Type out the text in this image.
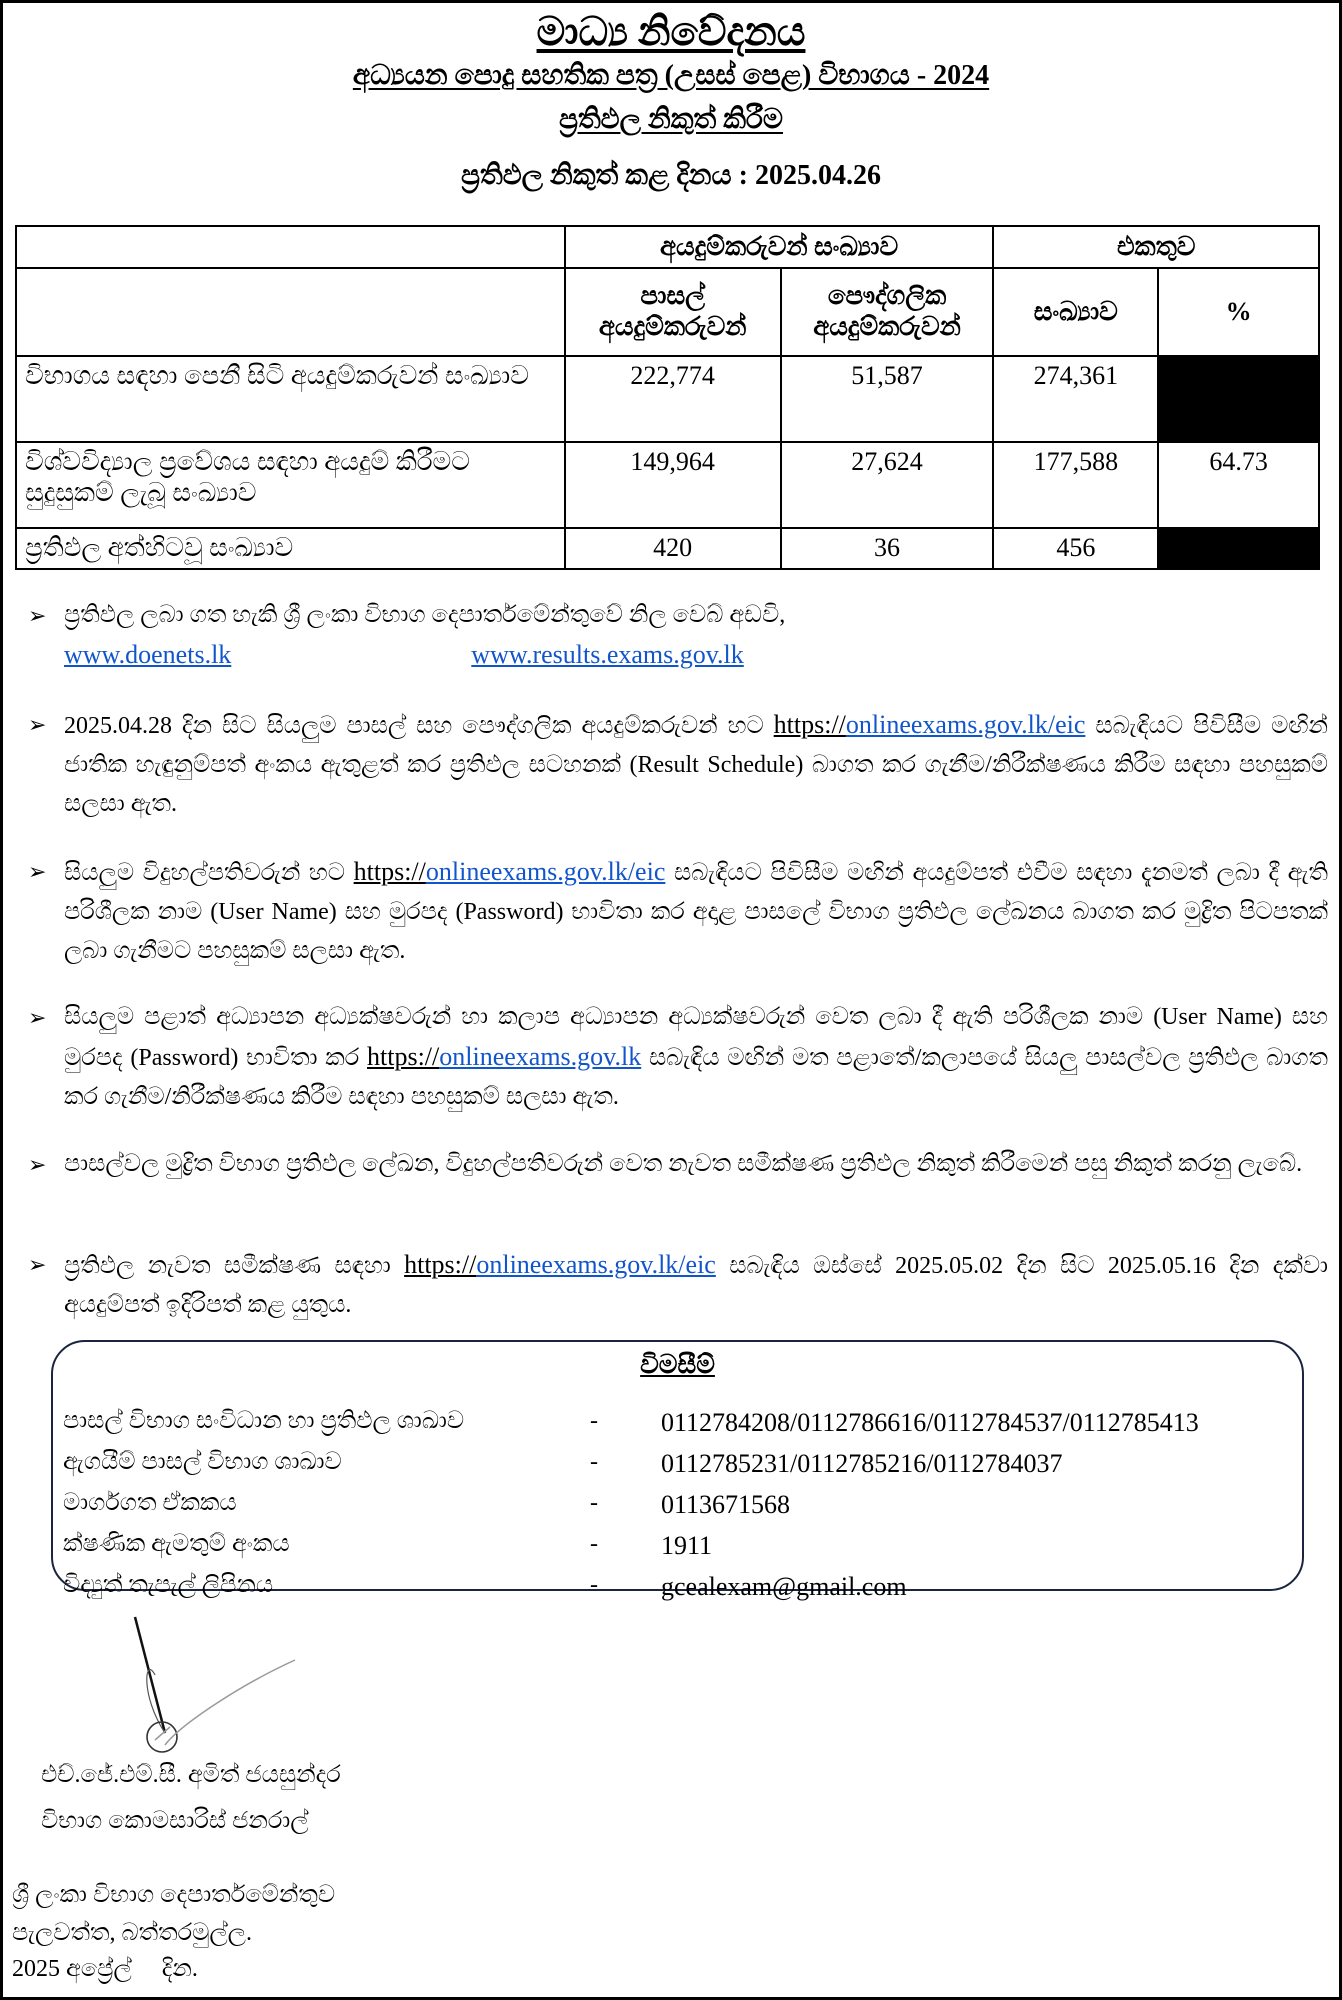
මාධ්‍ය නිවේදනය
අධ්‍යයන පොදු සහතික පත්‍ර (උසස් පෙළ) විභාගය - 2024
ප්‍රතිඵල නිකුත් කිරීම
ප්‍රතිඵල නිකුත් කළ දිනය : 2025.04.26
	අයදුම්කරුවන් සංඛ්‍යාව		එකතුව	
	පාසල් අයදුම්කරුවන්	පෞද්ගලික අයදුම්කරුවන්	සංඛ්‍යාව	%
විභාගය සඳහා පෙනී සිටි අයදුම්කරුවන් සංඛ්‍යාව	222,774	51,587	274,361	
විශ්වවිද්‍යාල ප්‍රවේශය සඳහා අයදුම් කිරීමට සුදුසුකම් ලැබූ සංඛ්‍යාව	149,964	27,624	177,588	64.73
ප්‍රතිඵල අත්හිටවූ සංඛ්‍යාව	420	36	456	
➢ ප්‍රතිඵල ලබා ගත හැකි ශ්‍රී ලංකා විභාග දෙපාර්තමේන්තුවේ නිල වෙබ් අඩවි,
www.doenets.lk	www.results.exams.gov.lk
➢ 2025.04.28 දින සිට සියලුම පාසල් සහ පෞද්ගලික අයදුම්කරුවන් හට https://onlineexams.gov.lk/eic සබැඳියට පිවිසීම මඟින් ජාතික හැඳුනුම්පත් අංකය ඇතුළත් කර ප්‍රතිඵල සටහනක් (Result Schedule) බාගත කර ගැනීම/නිරීක්ෂණය කිරීම සඳහා පහසුකම් සලසා ඇත.
➢ සියලුම විදුහල්පතිවරුන් හට https://onlineexams.gov.lk/eic සබැඳියට පිවිසීම මඟින් අයදුම්පත් එවීම සඳහා දැනමත් ලබා දී ඇති පරිශීලක නාම (User Name) සහ මුරපද (Password) භාවිතා කර අදාළ පාසලේ විභාග ප්‍රතිඵල ලේඛනය බාගත කර මුද්‍රිත පිටපතක් ලබා ගැනීමට පහසුකම් සලසා ඇත.
➢ සියලුම පළාත් අධ්‍යාපන අධ්‍යක්ෂවරුන් හා කලාප අධ්‍යාපන අධ්‍යක්ෂවරුන් වෙත ලබා දී ඇති පරිශීලක නාම (User Name) සහ මුරපද (Password) භාවිතා කර https://onlineexams.gov.lk සබැඳිය මඟින් මත පළාතේ/කලාපයේ සියලු පාසල්වල ප්‍රතිඵල බාගත කර ගැනීම/නිරීක්ෂණය කිරීම සඳහා පහසුකම් සලසා ඇත.
➢ පාසල්වල මුද්‍රිත විභාග ප්‍රතිඵල ලේඛන, විදුහල්පතිවරුන් වෙත නැවත සමීක්ෂණ ප්‍රතිඵල නිකුත් කිරීමෙන් පසු නිකුත් කරනු ලැබේ.
➢ ප්‍රතිඵල නැවත සමීක්ෂණ සඳහා https://onlineexams.gov.lk/eic සබැඳිය ඔස්සේ 2025.05.02 දින සිට 2025.05.16 දින දක්වා අයදුම්පත් ඉදිරිපත් කළ යුතුය.
විමසීම්
පාසල් විභාග සංවිධාන හා ප්‍රතිඵල ශාඛාව	- 0112784208/0112786616/0112784537/0112785413
ඇගයීම් පාසල් විභාග ශාඛාව	- 0112785231/0112785216/0112784037
මාර්ගගත ඒකකය	- 0113671568
ක්ෂණික ඇමතුම් අංකය	- 1911
විද්‍යුත් තැපැල් ලිපිනය	- gcealexam@gmail.com
එච්.ජේ.එම්.සී. අමිත් ජයසුන්දර
විභාග කොමසාරිස් ජනරාල්
ශ්‍රී ලංකා විභාග දෙපාර්තමේන්තුව
පැලවත්ත, බත්තරමුල්ල.
2025 අප්‍රේල්     දින.
